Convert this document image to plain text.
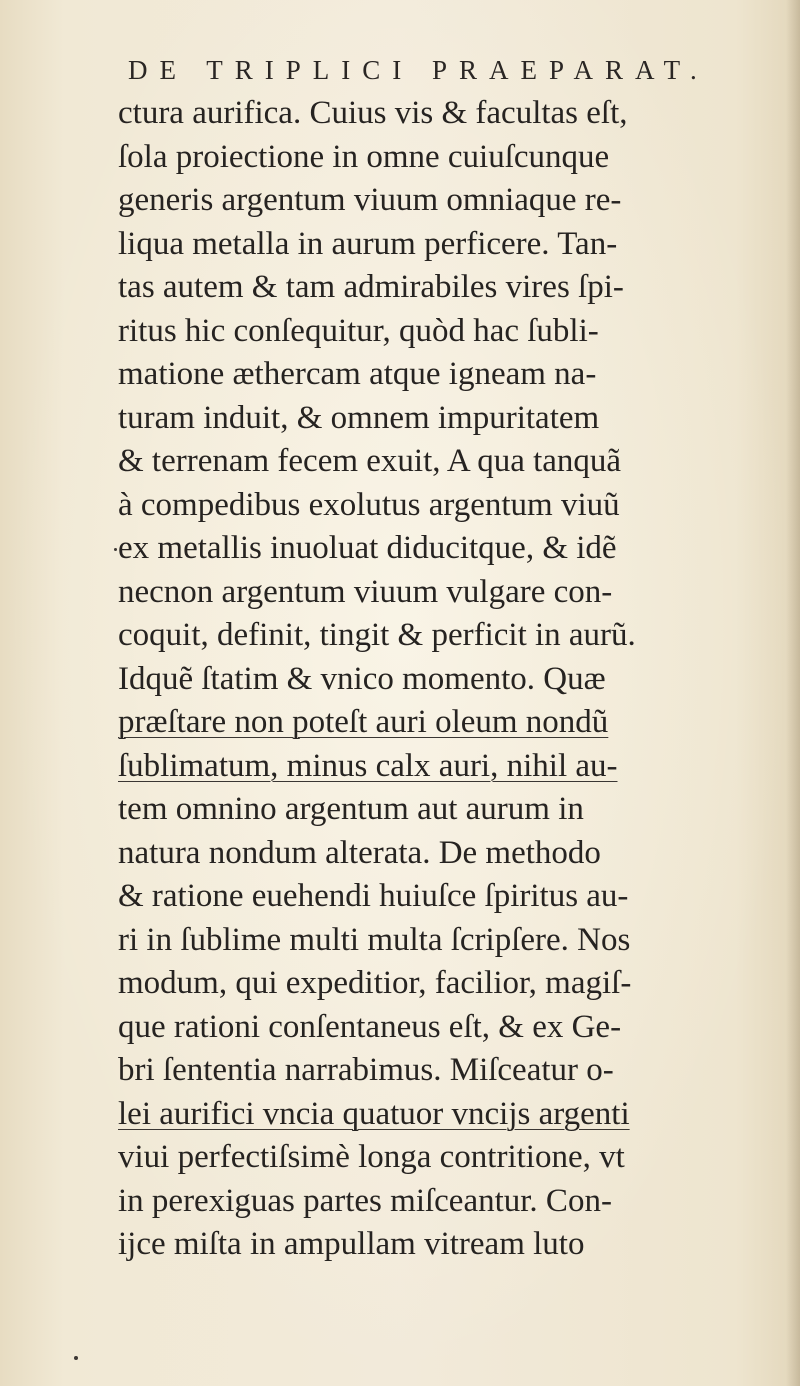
DE TRIPLICI PRAEPARAT.
ctura aurifica. Cuius vis & facultas eſt,
ſola proiectione in omne cuiuſcunque
generis argentum viuum omniaque re-
liqua metalla in aurum perficere. Tan-
tas autem & tam admirabiles vires ſpi-
ritus hic conſequitur, quòd hac ſubli-
matione æthercam atque igneam na-
turam induit, & omnem impuritatem
& terrenam fecem exuit, A qua tanquã
à compedibus exolutus argentum viuũ
ex metallis inuoluat diducitque, & idẽ
necnon argentum viuum vulgare con-
coquit, definit, tingit & perficit in aurũ.
Idquẽ ſtatim & vnico momento. Quæ
præſtare non poteſt auri oleum nondũ
ſublimatum, minus calx auri, nihil au-
tem omnino argentum aut aurum in
natura nondum alterata. De methodo
& ratione euehendi huiuſce ſpiritus au-
ri in ſublime multi multa ſcripſere. Nos
modum, qui expeditior, facilior, magiſ-
que rationi conſentaneus eſt, & ex Ge-
bri ſententia narrabimus. Miſceatur o-
lei aurifici vncia quatuor vncijs argenti
viui perfectiſsimè longa contritione, vt
in perexiguas partes miſceantur. Con-
ijce miſta in ampullam vitream luto
